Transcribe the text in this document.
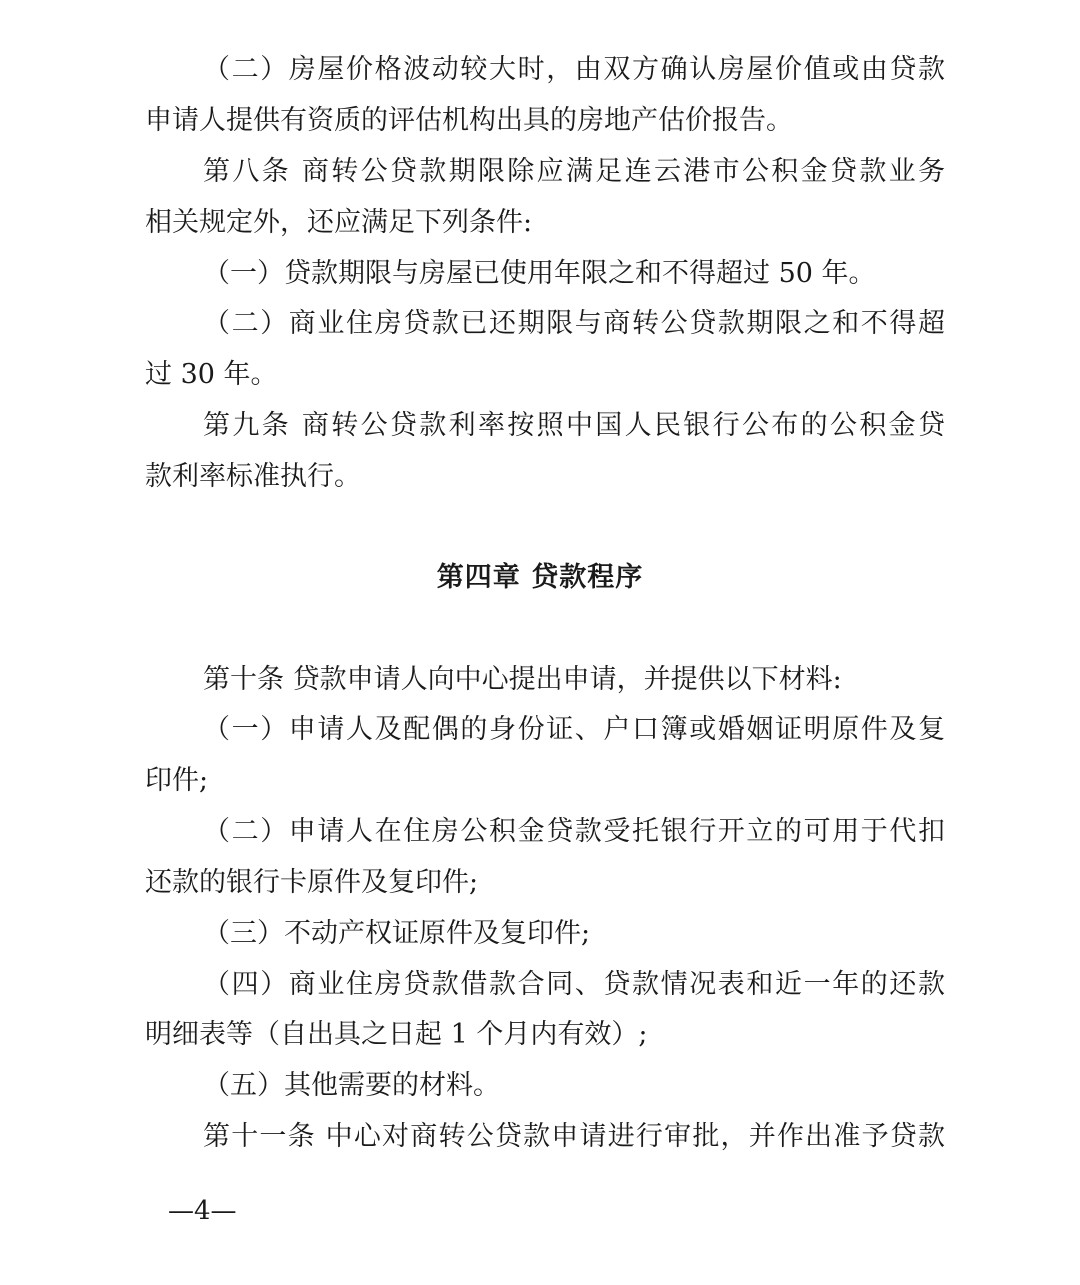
（二）房屋价格波动较大时，由双方确认房屋价值或由贷款
申请人提供有资质的评估机构出具的房地产估价报告。
第八条 商转公贷款期限除应满足连云港市公积金贷款业务
相关规定外，还应满足下列条件:
（一）贷款期限与房屋已使用年限之和不得超过 50 年。
（二）商业住房贷款已还期限与商转公贷款期限之和不得超
过 30 年。
第九条 商转公贷款利率按照中国人民银行公布的公积金贷
款利率标准执行。
第四章 贷款程序
第十条 贷款申请人向中心提出申请，并提供以下材料:
（一）申请人及配偶的身份证、户口簿或婚姻证明原件及复
印件;
（二）申请人在住房公积金贷款受托银行开立的可用于代扣
还款的银行卡原件及复印件;
（三）不动产权证原件及复印件;
（四）商业住房贷款借款合同、贷款情况表和近一年的还款
明细表等（自出具之日起 1 个月内有效）;
（五）其他需要的材料。
第十一条 中心对商转公贷款申请进行审批，并作出准予贷款
—4—
